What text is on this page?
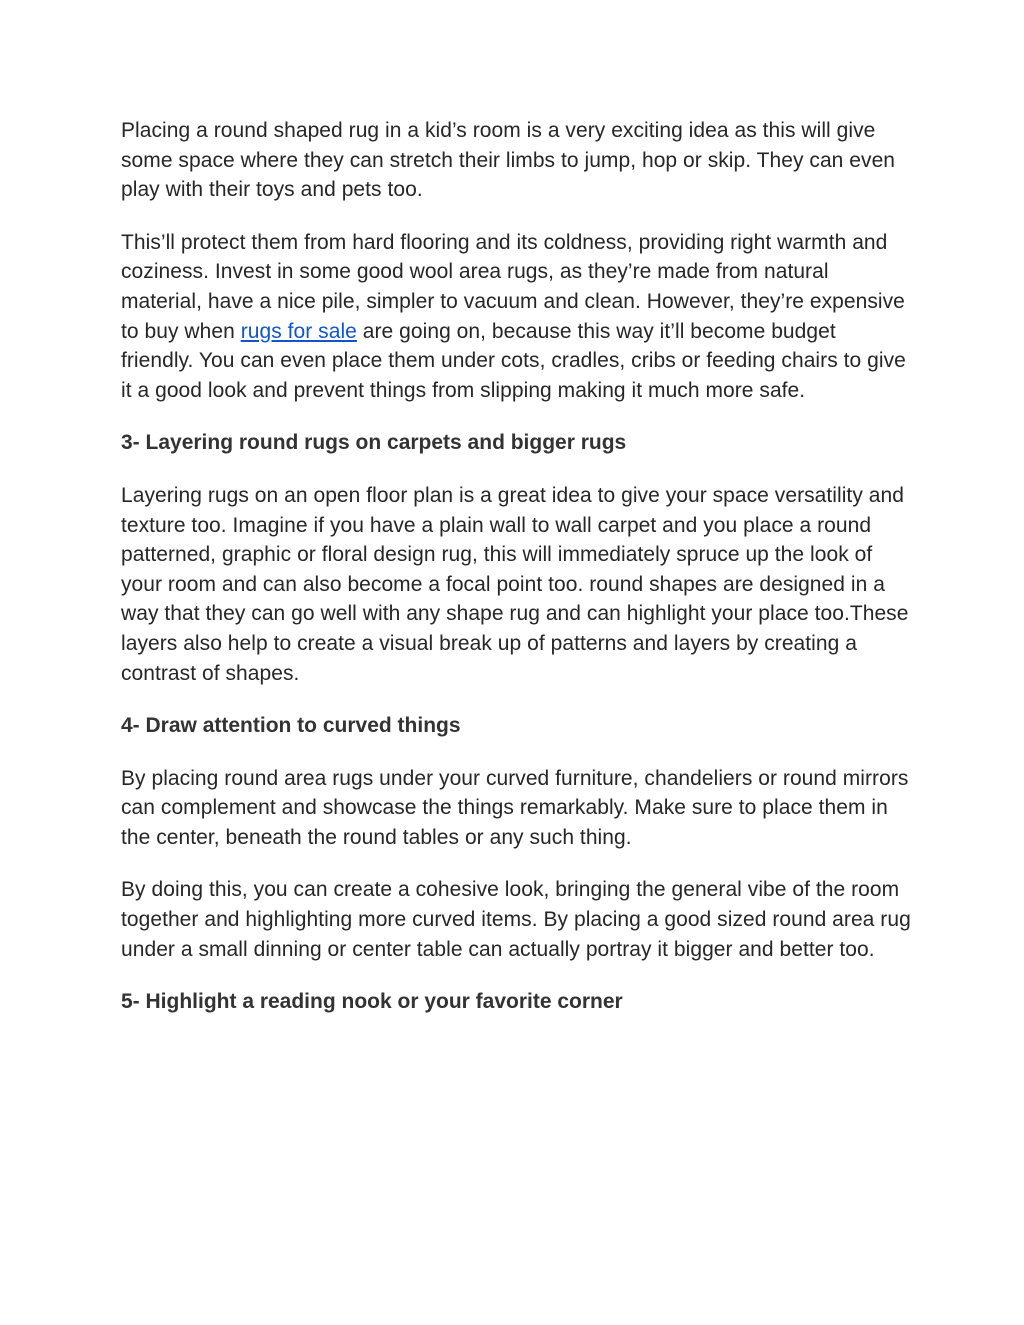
Placing a round shaped rug in a kid’s room is a very exciting idea as this will give some space where they can stretch their limbs to jump, hop or skip. They can even play with their toys and pets too.

This’ll protect them from hard flooring and its coldness, providing right warmth and coziness. Invest in some good wool area rugs, as they’re made from natural material, have a nice pile, simpler to vacuum and clean. However, they’re expensive to buy when rugs for sale are going on, because this way it’ll become budget friendly. You can even place them under cots, cradles, cribs or feeding chairs to give it a good look and prevent things from slipping making it much more safe.

3- Layering round rugs on carpets and bigger rugs

Layering rugs on an open floor plan is a great idea to give your space versatility and texture too. Imagine if you have a plain wall to wall carpet and you place a round patterned, graphic or floral design rug, this will immediately spruce up the look of your room and can also become a focal point too. round shapes are designed in a way that they can go well with any shape rug and can highlight your place too.These layers also help to create a visual break up of patterns and layers by creating a contrast of shapes.

4- Draw attention to curved things

By placing round area rugs under your curved furniture, chandeliers or round mirrors can complement and showcase the things remarkably. Make sure to place them in the center, beneath the round tables or any such thing.

By doing this, you can create a cohesive look, bringing the general vibe of the room together and highlighting more curved items. By placing a good sized round area rug under a small dinning or center table can actually portray it bigger and better too.

5- Highlight a reading nook or your favorite corner
